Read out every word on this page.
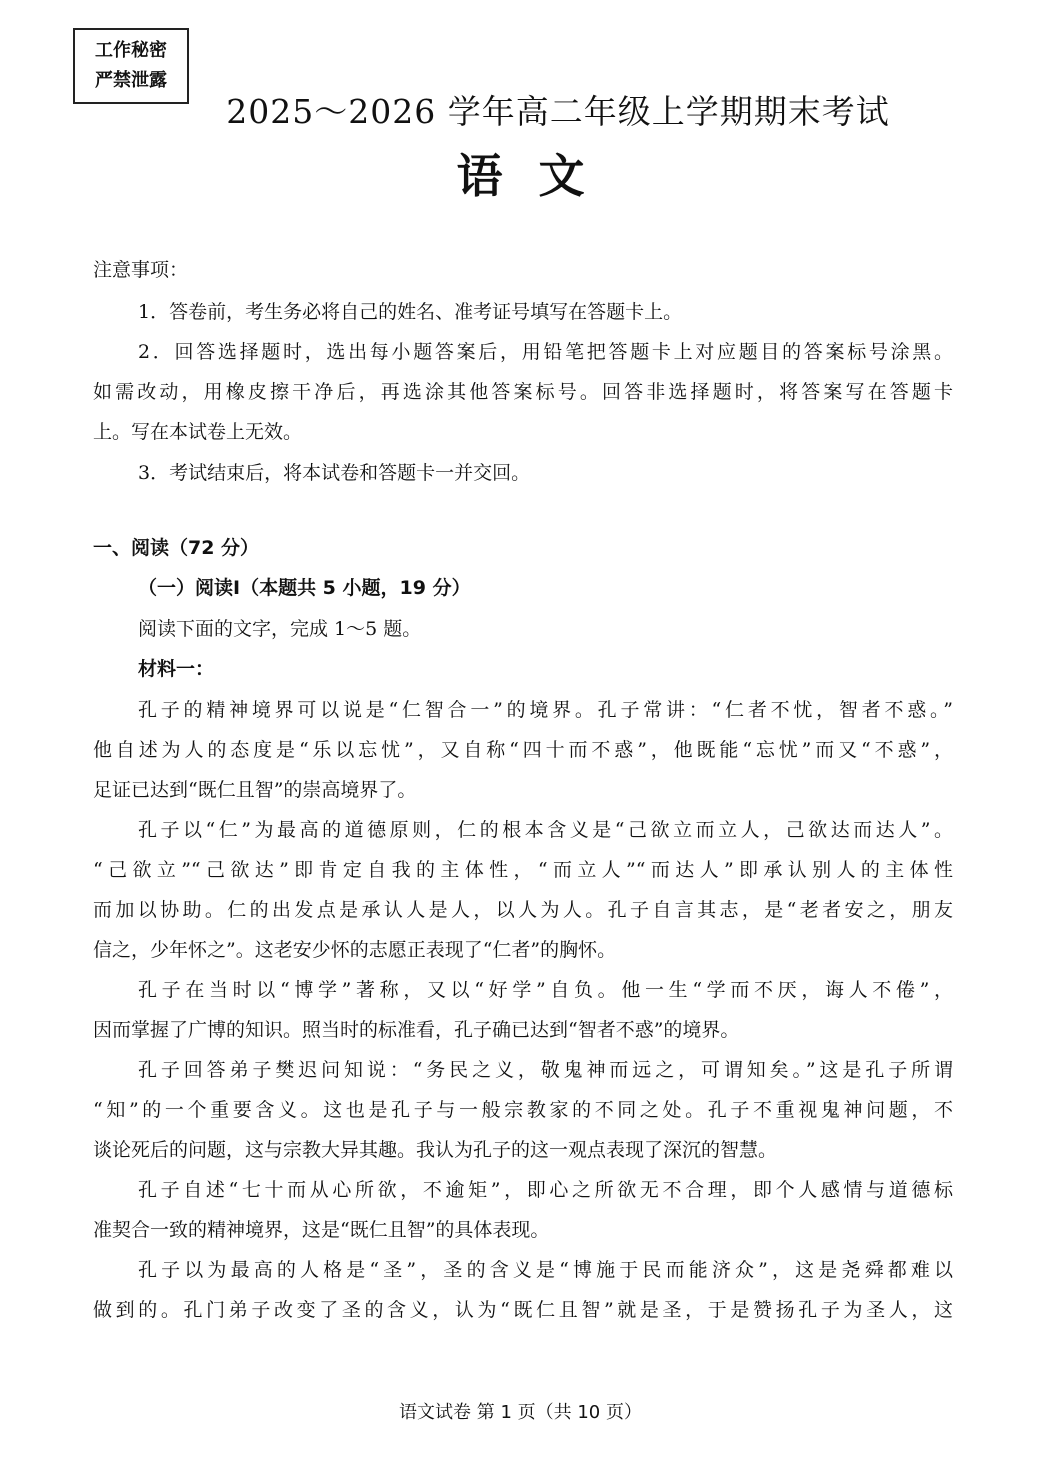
工作秘密
严禁泄露
2025～2026 学年高二年级上学期期末考试
语文
注意事项：
1．答卷前，考生务必将自己的姓名、准考证号填写在答题卡上。
2．回答选择题时，选出每小题答案后，用铅笔把答题卡上对应题目的答案标号涂黑。
如需改动，用橡皮擦干净后，再选涂其他答案标号。回答非选择题时，将答案写在答题卡
上。写在本试卷上无效。
3．考试结束后，将本试卷和答题卡一并交回。
一、阅读（72 分）
（一）阅读Ⅰ（本题共 5 小题，19 分）
阅读下面的文字，完成 1～5 题。
材料一：
孔子的精神境界可以说是“仁智合一”的境界。孔子常讲：“仁者不忧，智者不惑。”
他自述为人的态度是“乐以忘忧”，又自称“四十而不惑”，他既能“忘忧”而又“不惑”，
足证已达到“既仁且智”的崇高境界了。
孔子以“仁”为最高的道德原则，仁的根本含义是“己欲立而立人，己欲达而达人”。
“己欲立”“己欲达”即肯定自我的主体性，“而立人”“而达人”即承认别人的主体性
而加以协助。仁的出发点是承认人是人，以人为人。孔子自言其志，是“老者安之，朋友
信之，少年怀之”。这老安少怀的志愿正表现了“仁者”的胸怀。
孔子在当时以“博学”著称，又以“好学”自负。他一生“学而不厌，诲人不倦”，
因而掌握了广博的知识。照当时的标准看，孔子确已达到“智者不惑”的境界。
孔子回答弟子樊迟问知说：“务民之义，敬鬼神而远之，可谓知矣。”这是孔子所谓
“知”的一个重要含义。这也是孔子与一般宗教家的不同之处。孔子不重视鬼神问题，不
谈论死后的问题，这与宗教大异其趣。我认为孔子的这一观点表现了深沉的智慧。
孔子自述“七十而从心所欲，不逾矩”，即心之所欲无不合理，即个人感情与道德标
准契合一致的精神境界，这是“既仁且智”的具体表现。
孔子以为最高的人格是“圣”，圣的含义是“博施于民而能济众”，这是尧舜都难以
做到的。孔门弟子改变了圣的含义，认为“既仁且智”就是圣，于是赞扬孔子为圣人，这
语文试卷 第 1 页（共 10 页）
